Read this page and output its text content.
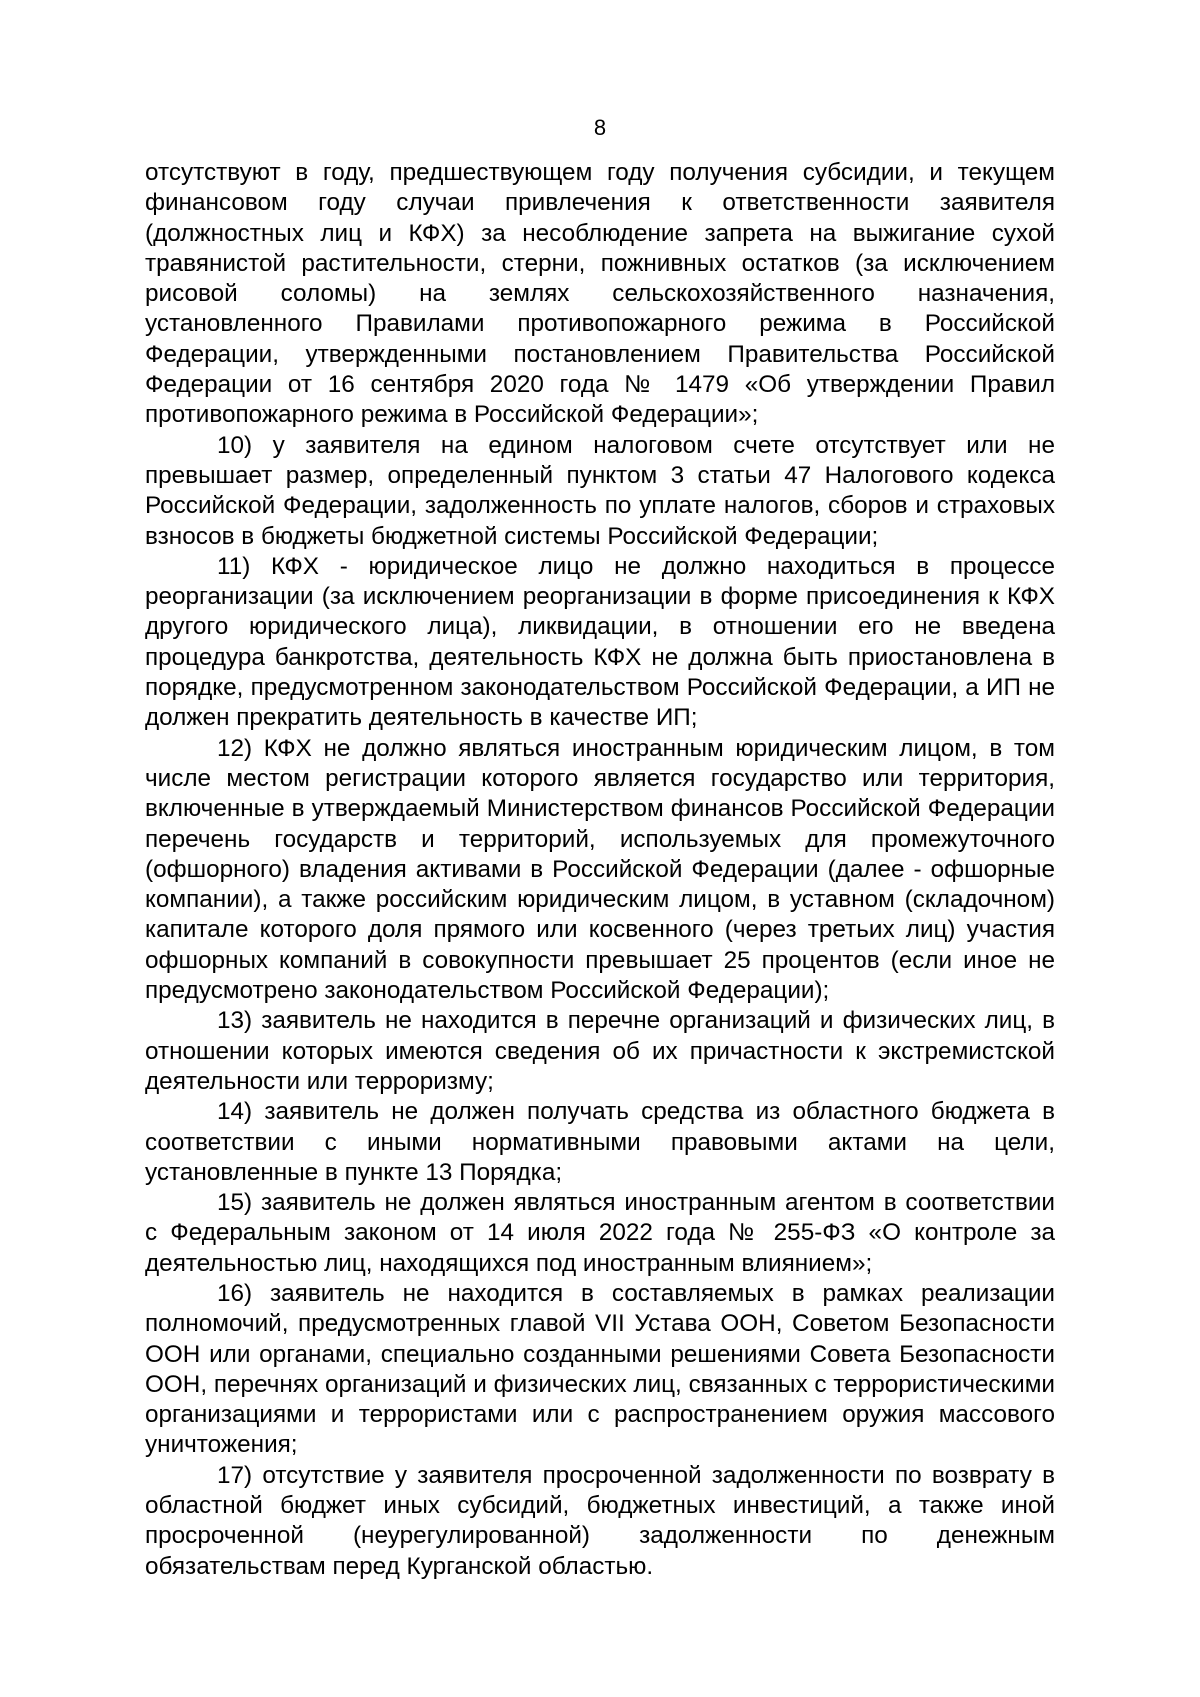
8

отсутствуют в году, предшествующем году получения субсидии, и текущем финансовом году случаи привлечения к ответственности заявителя (должностных лиц и КФХ) за несоблюдение запрета на выжигание сухой травянистой растительности, стерни, пожнивных остатков (за исключением рисовой соломы) на землях сельскохозяйственного назначения, установленного Правилами противопожарного режима в Российской Федерации, утвержденными постановлением Правительства Российской Федерации от 16 сентября 2020 года № 1479 «Об утверждении Правил противопожарного режима в Российской Федерации»;

10) у заявителя на едином налоговом счете отсутствует или не превышает размер, определенный пунктом 3 статьи 47 Налогового кодекса Российской Федерации, задолженность по уплате налогов, сборов и страховых взносов в бюджеты бюджетной системы Российской Федерации;

11) КФХ - юридическое лицо не должно находиться в процессе реорганизации (за исключением реорганизации в форме присоединения к КФХ другого юридического лица), ликвидации, в отношении его не введена процедура банкротства, деятельность КФХ не должна быть приостановлена в порядке, предусмотренном законодательством Российской Федерации, а ИП не должен прекратить деятельность в качестве ИП;

12) КФХ не должно являться иностранным юридическим лицом, в том числе местом регистрации которого является государство или территория, включенные в утверждаемый Министерством финансов Российской Федерации перечень государств и территорий, используемых для промежуточного (офшорного) владения активами в Российской Федерации (далее - офшорные компании), а также российским юридическим лицом, в уставном (складочном) капитале которого доля прямого или косвенного (через третьих лиц) участия офшорных компаний в совокупности превышает 25 процентов (если иное не предусмотрено законодательством Российской Федерации);

13) заявитель не находится в перечне организаций и физических лиц, в отношении которых имеются сведения об их причастности к экстремистской деятельности или терроризму;

14) заявитель не должен получать средства из областного бюджета в соответствии с иными нормативными правовыми актами на цели, установленные в пункте 13 Порядка;

15) заявитель не должен являться иностранным агентом в соответствии с Федеральным законом от 14 июля 2022 года № 255-ФЗ «О контроле за деятельностью лиц, находящихся под иностранным влиянием»;

16) заявитель не находится в составляемых в рамках реализации полномочий, предусмотренных главой VII Устава ООН, Советом Безопасности ООН или органами, специально созданными решениями Совета Безопасности ООН, перечнях организаций и физических лиц, связанных с террористическими организациями и террористами или с распространением оружия массового уничтожения;

17) отсутствие у заявителя просроченной задолженности по возврату в областной бюджет иных субсидий, бюджетных инвестиций, а также иной просроченной (неурегулированной) задолженности по денежным обязательствам перед Курганской областью.
